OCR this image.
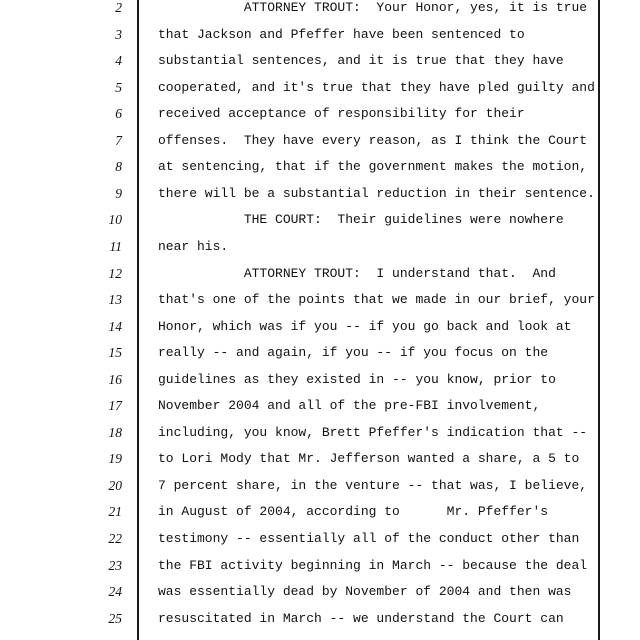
2	ATTORNEY TROUT:  Your Honor, yes, it is true
3	that Jackson and Pfeffer have been sentenced to
4	substantial sentences, and it is true that they have
5	cooperated, and it's true that they have pled guilty and
6	received acceptance of responsibility for their
7	offenses.  They have every reason, as I think the Court
8	at sentencing, that if the government makes the motion,
9	there will be a substantial reduction in their sentence.
10	THE COURT:  Their guidelines were nowhere
11	near his.
12	ATTORNEY TROUT:  I understand that.  And
13	that's one of the points that we made in our brief, your
14	Honor, which was if you -- if you go back and look at
15	really -- and again, if you -- if you focus on the
16	guidelines as they existed in -- you know, prior to
17	November 2004 and all of the pre-FBI involvement,
18	including, you know, Brett Pfeffer's indication that --
19	to Lori Mody that Mr. Jefferson wanted a share, a 5 to
20	7 percent share, in the venture -- that was, I believe,
21	in August of 2004, according to      Mr. Pfeffer's
22	testimony -- essentially all of the conduct other than
23	the FBI activity beginning in March -- because the deal
24	was essentially dead by November of 2004 and then was
25	resuscitated in March -- we understand the Court can
